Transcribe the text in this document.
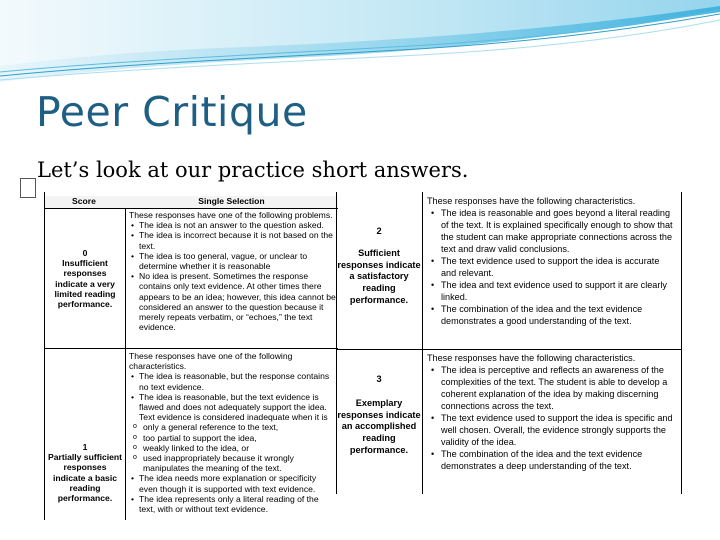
Peer Critique
Let’s look at our practice short answers.
Score	Single Selection
0
Insufficient responses indicate a very limited reading performance.
These responses have one of the following problems.
• The idea is not an answer to the question asked.
• The idea is incorrect because it is not based on the text.
• The idea is too general, vague, or unclear to determine whether it is reasonable
• No idea is present. Sometimes the response contains only text evidence. At other times there appears to be an idea; however, this idea cannot be considered an answer to the question because it merely repeats verbatim, or “echoes,” the text evidence.
1
Partially sufficient responses indicate a basic reading performance.
These responses have one of the following characteristics.
• The idea is reasonable, but the response contains no text evidence.
• The idea is reasonable, but the text evidence is flawed and does not adequately support the idea. Text evidence is considered inadequate when it is
o only a general reference to the text,
o too partial to support the idea,
o weakly linked to the idea, or
o used inappropriately because it wrongly manipulates the meaning of the text.
• The idea needs more explanation or specificity even though it is supported with text evidence.
• The idea represents only a literal reading of the text, with or without text evidence.
2
Sufficient responses indicate a satisfactory reading performance.
These responses have the following characteristics.
• The idea is reasonable and goes beyond a literal reading of the text. It is explained specifically enough to show that the student can make appropriate connections across the text and draw valid conclusions.
• The text evidence used to support the idea is accurate and relevant.
• The idea and text evidence used to support it are clearly linked.
• The combination of the idea and the text evidence demonstrates a good understanding of the text.
3
Exemplary responses indicate an accomplished reading performance.
These responses have the following characteristics.
• The idea is perceptive and reflects an awareness of the complexities of the text. The student is able to develop a coherent explanation of the idea by making discerning connections across the text.
• The text evidence used to support the idea is specific and well chosen. Overall, the evidence strongly supports the validity of the idea.
• The combination of the idea and the text evidence demonstrates a deep understanding of the text.
